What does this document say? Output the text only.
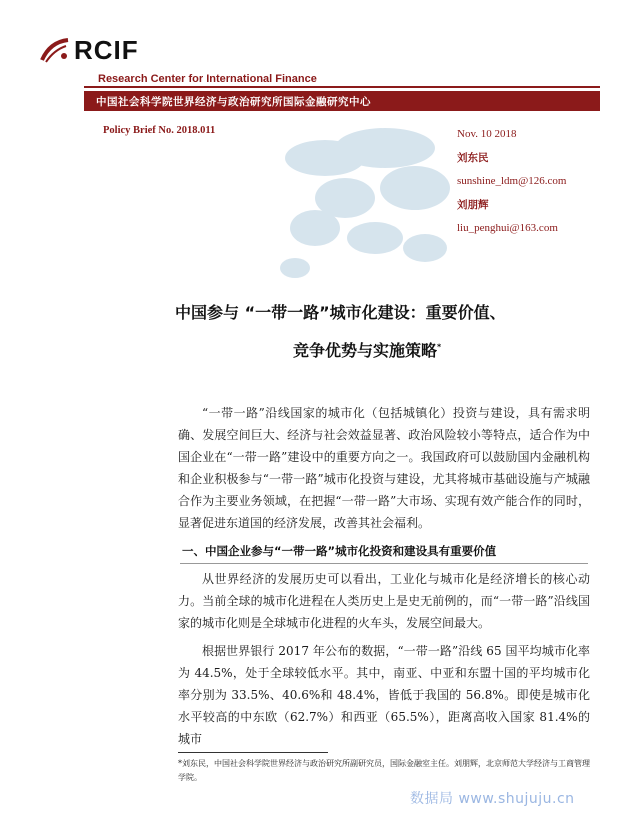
RCIF
Research Center for International Finance
中国社会科学院世界经济与政治研究所国际金融研究中心
Policy Brief No. 2018.011	Nov. 10 2018
刘东民
sunshine_ldm@126.com
刘朋辉
liu_penghui@163.com
中国参与 “一带一路”城市化建设：重要价值、
竞争优势与实施策略*
“一带一路”沿线国家的城市化（包括城镇化）投资与建设，具有需求明确、发展空间巨大、经济与社会效益显著、政治风险较小等特点，适合作为中国企业在“一带一路”建设中的重要方向之一。我国政府可以鼓励国内金融机构和企业积极参与“一带一路”城市化投资与建设，尤其将城市基础设施与产城融合作为主要业务领域，在把握“一带一路”大市场、实现有效产能合作的同时，显著促进东道国的经济发展，改善其社会福利。
一、中国企业参与“一带一路”城市化投资和建设具有重要价值
从世界经济的发展历史可以看出，工业化与城市化是经济增长的核心动力。当前全球的城市化进程在人类历史上是史无前例的，而“一带一路”沿线国家的城市化则是全球城市化进程的火车头，发展空间最大。
根据世界银行 2017 年公布的数据，“一带一路”沿线 65 国平均城市化率为 44.5%，处于全球较低水平。其中，南亚、中亚和东盟十国的平均城市化率分别为 33.5%、40.6%和 48.4%，皆低于我国的 56.8%。即使是城市化水平较高的中东欧（62.7%）和西亚（65.5%），距离高收入国家 81.4%的城市
*刘东民，中国社会科学院世界经济与政治研究所副研究员，国际金融室主任。刘朋辉，北京师范大学经济与工商管理学院。
数据局 www.shujuju.cn
